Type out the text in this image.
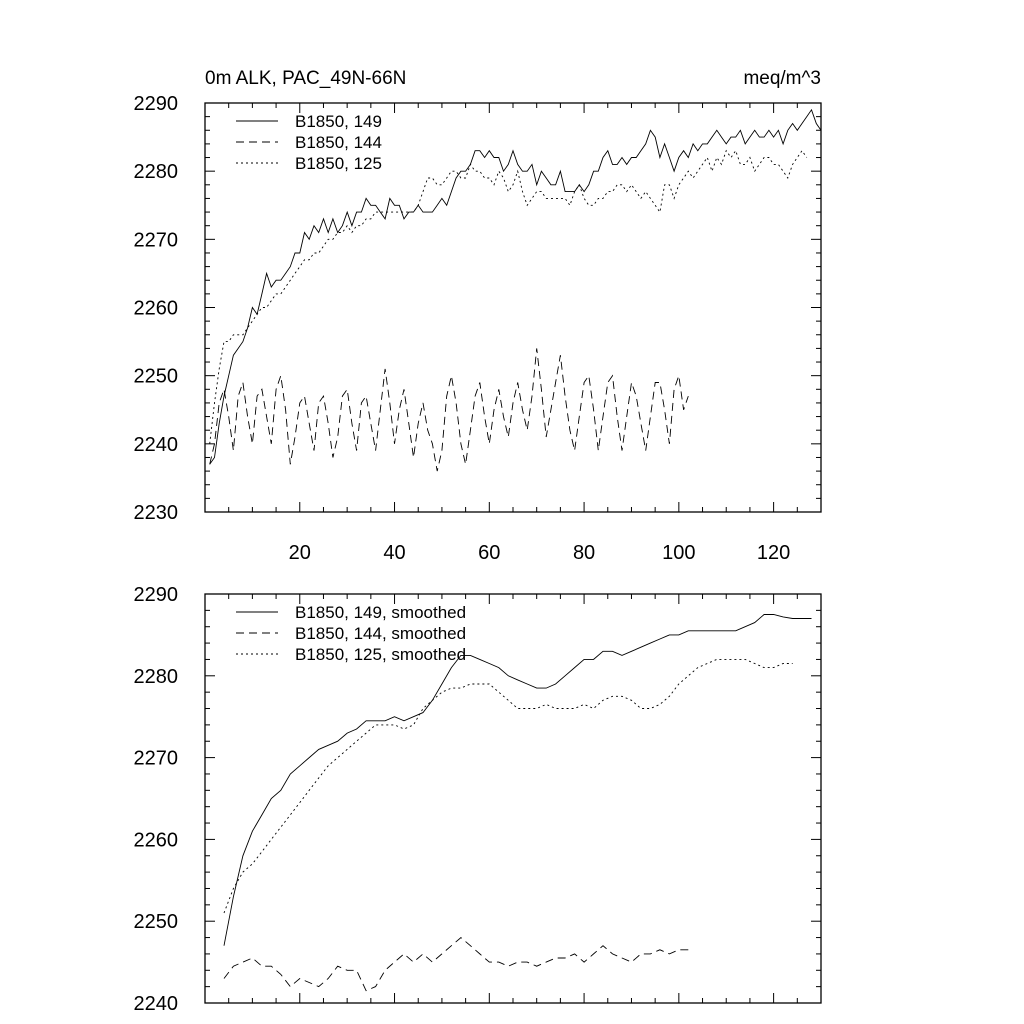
0m ALK, PAC_49N-66N	meq/m^3
20	40	60	80	100	120
2230
2240
2250
2260
2270
2280
2290
B1850, 149
B1850, 144
B1850, 125
2240
2250
2260
2270
2280
2290
B1850, 149, smoothed
B1850, 144, smoothed
B1850, 125, smoothed
